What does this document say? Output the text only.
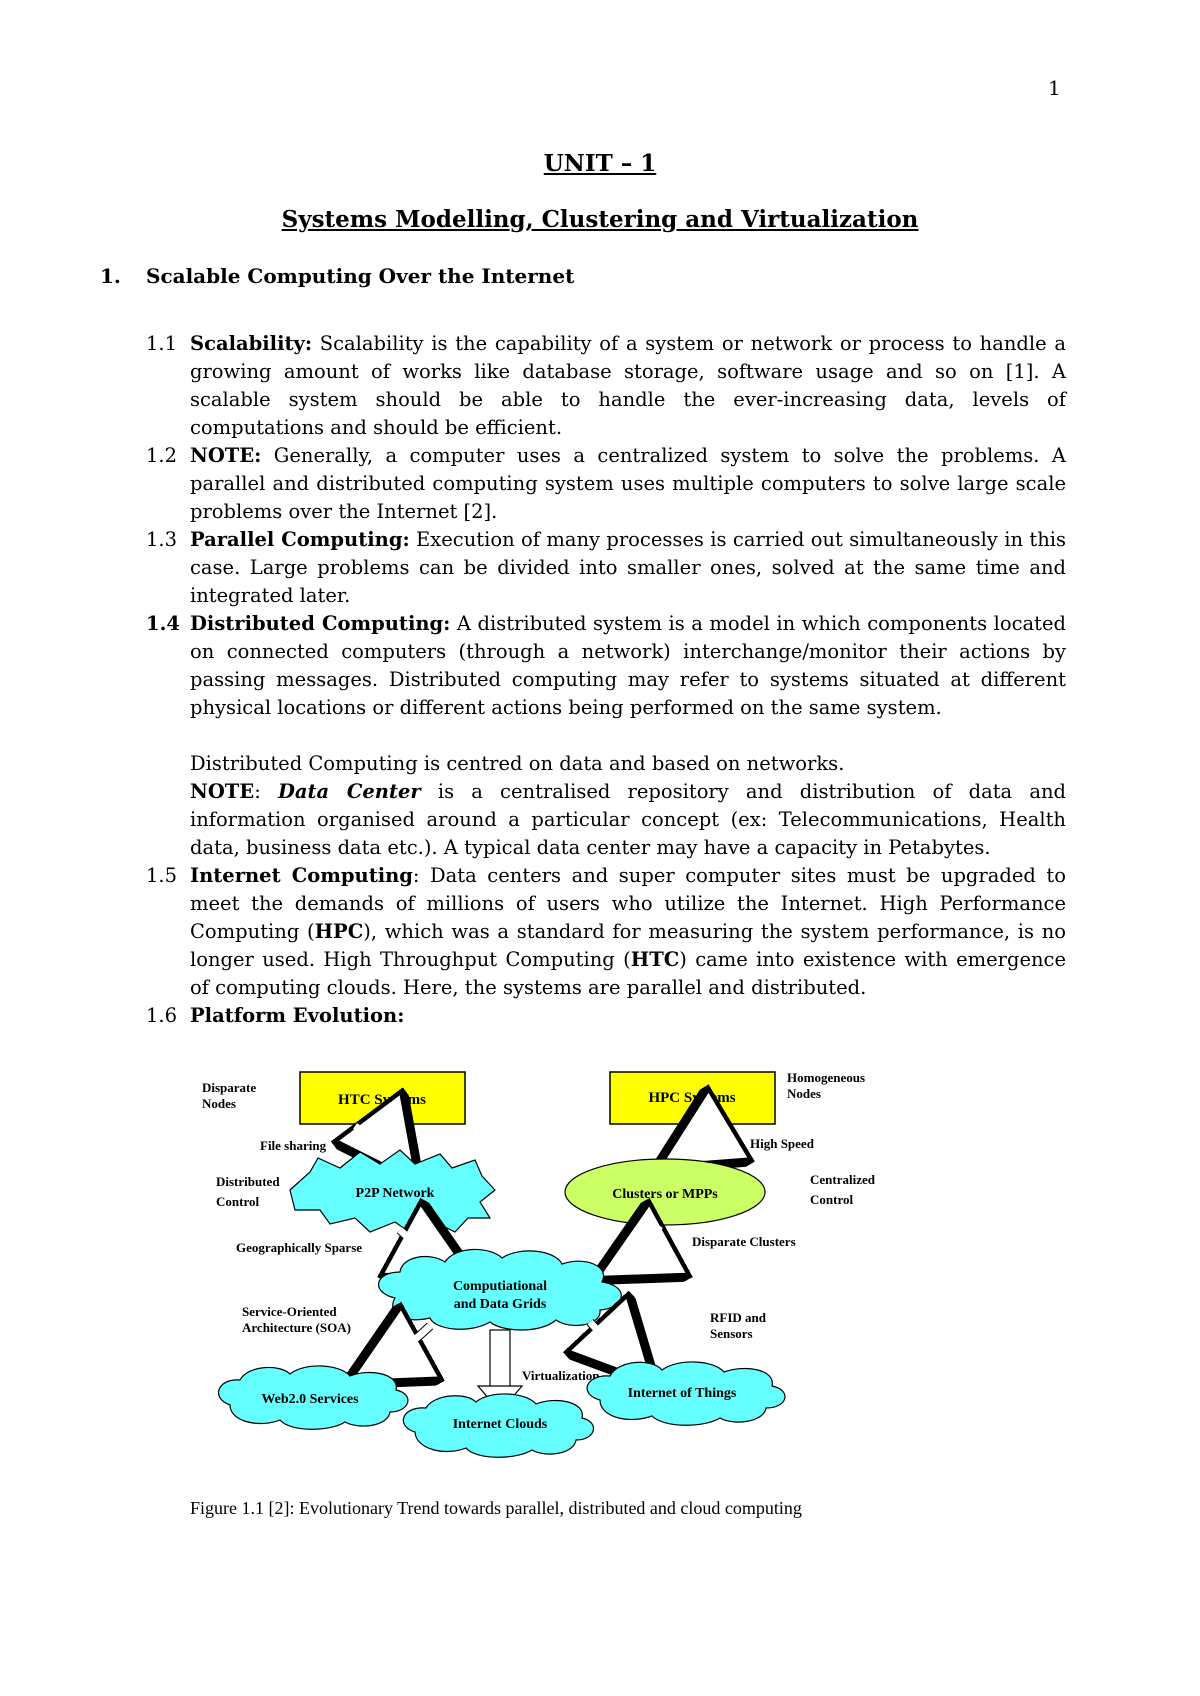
1
UNIT – 1
Systems Modelling, Clustering and Virtualization
1. Scalable Computing Over the Internet

1.1 Scalability: Scalability is the capability of a system or network or process to handle a growing amount of works like database storage, software usage and so on [1]. A scalable system should be able to handle the ever-increasing data, levels of computations and should be efficient.

1.2 NOTE: Generally, a computer uses a centralized system to solve the problems. A parallel and distributed computing system uses multiple computers to solve large scale problems over the Internet [2].

1.3 Parallel Computing: Execution of many processes is carried out simultaneously in this case. Large problems can be divided into smaller ones, solved at the same time and integrated later.

1.4 Distributed Computing: A distributed system is a model in which components located on connected computers (through a network) interchange/monitor their actions by passing messages. Distributed computing may refer to systems situated at different physical locations or different actions being performed on the same system.

Distributed Computing is centred on data and based on networks.

NOTE: Data Center is a centralised repository and distribution of data and information organised around a particular concept (ex: Telecommunications, Health data, business data etc.). A typical data center may have a capacity in Petabytes.

1.5 Internet Computing: Data centers and super computer sites must be upgraded to meet the demands of millions of users who utilize the Internet. High Performance Computing (HPC), which was a standard for measuring the system performance, is no longer used. High Throughput Computing (HTC) came into existence with emergence of computing clouds. Here, the systems are parallel and distributed.

1.6 Platform Evolution:

HTC Systems	HPC Systems
Disparate
Nodes
Homogeneous
Nodes
File sharing	High Speed
P2P Network	Clusters or MPPs
Distributed
Control
Centralized
Control
Geographically Sparse	Disparate Clusters
Computiational
and Data Grids
Service-Oriented
Architecture (SOA)
RFID and
Sensors
Virtualization
Web2.0 Services
Internet Clouds
Internet of Things
Figure 1.1 [2]: Evolutionary Trend towards parallel, distributed and cloud computing
